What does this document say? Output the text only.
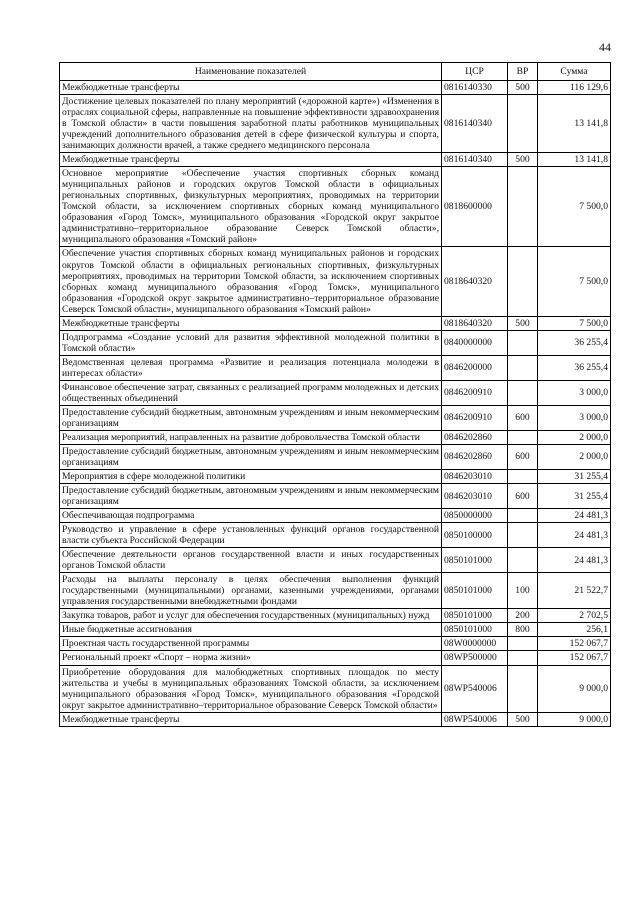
44
Наименование показателей	ЦСР	ВР	Сумма
Межбюджетные трансферты	0816140330	500	116 129,6
Достижение целевых показателей по плану мероприятий («дорожной карте») «Изменения в отраслях социальной сферы, направленные на повышение эффективности здравоохранения в Томской области» в части повышения заработной платы работников муниципальных учреждений дополнительного образования детей в сфере физической культуры и спорта, занимающих должности врачей, а также среднего медицинского персонала	0816140340		13 141,8
Межбюджетные трансферты	0816140340	500	13 141,8
Основное мероприятие «Обеспечение участия спортивных сборных команд муниципальных районов и городских округов Томской области в официальных региональных спортивных, физкультурных мероприятиях, проводимых на территории Томской области, за исключением спортивных сборных команд муниципального образования «Город Томск», муниципального образования «Городской округ закрытое административно–территориальное образование Северск Томской области», муниципального образования «Томский район»	0818600000		7 500,0
Обеспечение участия спортивных сборных команд муниципальных районов и городских округов Томской области в официальных региональных спортивных, физкультурных мероприятиях, проводимых на территории Томской области, за исключением спортивных сборных команд муниципального образования «Город Томск», муниципального образования «Городской округ закрытое административно–территориальное образование Северск Томской области», муниципального образования «Томский район»	0818640320		7 500,0
Межбюджетные трансферты	0818640320	500	7 500,0
Подпрограмма «Создание условий для развития эффективной молодежной политики в Томской области»	0840000000		36 255,4
Ведомственная целевая программа «Развитие и реализация потенциала молодежи в интересах области»	0846200000		36 255,4
Финансовое обеспечение затрат, связанных с реализацией программ молодежных и детских общественных объединений	0846200910		3 000,0
Предоставление субсидий бюджетным, автономным учреждениям и иным некоммерческим организациям	0846200910	600	3 000,0
Реализация мероприятий, направленных на развитие добровольчества Томской области	0846202860		2 000,0
Предоставление субсидий бюджетным, автономным учреждениям и иным некоммерческим организациям	0846202860	600	2 000,0
Мероприятия в сфере молодежной политики	0846203010		31 255,4
Предоставление субсидий бюджетным, автономным учреждениям и иным некоммерческим организациям	0846203010	600	31 255,4
Обеспечивающая подпрограмма	0850000000		24 481,3
Руководство и управление в сфере установленных функций органов государственной власти субъекта Российской Федерации	0850100000		24 481,3
Обеспечение деятельности органов государственной власти и иных государственных органов Томской области	0850101000		24 481,3
Расходы на выплаты персоналу в целях обеспечения выполнения функций государственными (муниципальными) органами, казенными учреждениями, органами управления государственными внебюджетными фондами	0850101000	100	21 522,7
Закупка товаров, работ и услуг для обеспечения государственных (муниципальных) нужд	0850101000	200	2 702,5
Иные бюджетные ассигнования	0850101000	800	256,1
Проектная часть государственной программы	08W0000000		152 067,7
Региональный проект «Спорт – норма жизни»	08WP500000		152 067,7
Приобретение оборудования для малобюджетных спортивных площадок по месту жительства и учебы в муниципальных образованиях Томской области, за исключением муниципального образования «Город Томск», муниципального образования «Городской округ закрытое административно–территориальное образование Северск Томской области»	08WP540006		9 000,0
Межбюджетные трансферты	08WP540006	500	9 000,0
